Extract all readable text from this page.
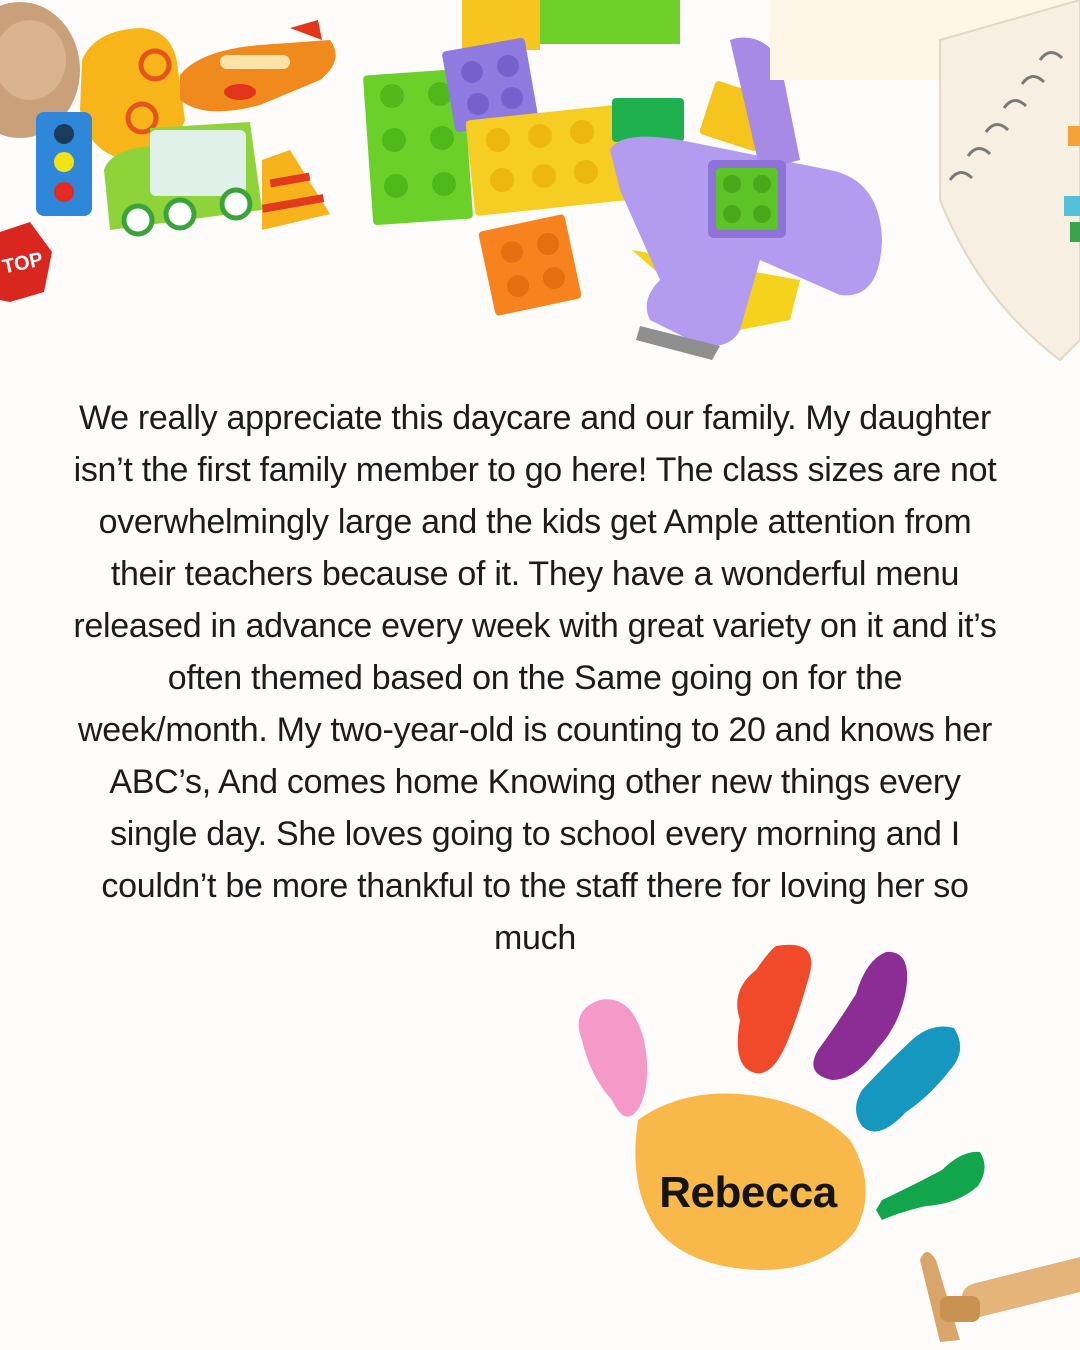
TOP

We really appreciate this daycare and our family. My daughter isn’t the first family member to go here! The class sizes are not overwhelmingly large and the kids get Ample attention from their teachers because of it. They have a wonderful menu released in advance every week with great variety on it and it’s often themed based on the Same going on for the week/month. My two-year-old is counting to 20 and knows her ABC’s, And comes home Knowing other new things every single day. She loves going to school every morning and I couldn’t be more thankful to the staff there for loving her so much

Rebecca
